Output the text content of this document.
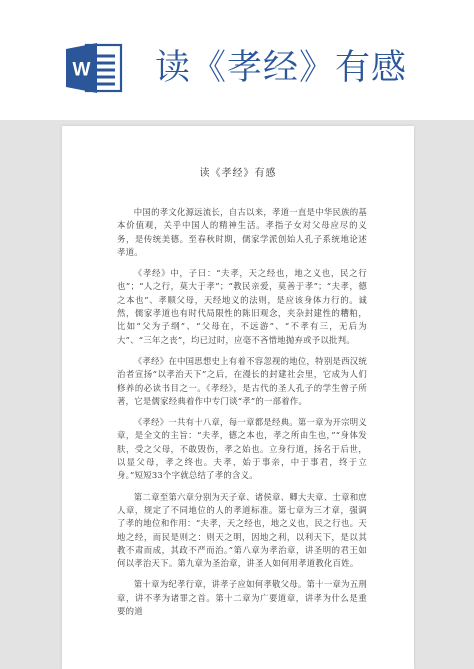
W 读《孝经》有感
读《孝经》有感

中国的孝文化源远流长，自古以来，孝道一直是中华民族的基本价值观，关乎中国人的精神生活。孝指子女对父母应尽的义务，是传统美德。至春秋时期，儒家学派创始人孔子系统地论述孝道。

《孝经》中，子曰：“夫孝，天之经也，地之义也，民之行也”；“人之行，莫大于孝”；“教民亲爱，莫善于孝”；“夫孝，德之本也”、孝顺父母，天经地义的法则，是应该身体力行的。诚然，儒家孝道也有时代局限性的陈旧观念，夹杂封建性的糟粕，比如“父为子纲”、“父母在，不远游”、“不孝有三，无后为大”、“三年之丧”，均已过时，应毫不吝惜地抛弃或予以批判。

《孝经》在中国思想史上有着不容忽视的地位，特别是西汉统治者宣扬“以孝治天下”之后，在漫长的封建社会里，它成为人们修养的必读书目之一。《孝经》，是古代的圣人孔子的学生曾子所著，它是儒家经典着作中专门谈“孝”的一部着作。

《孝经》一共有十八章，每一章都是经典。第一章为开宗明义章，是全文的主旨：“夫孝，德之本也，孝之所由生也，”“身体发肤，受之父母，不敢毁伤，孝之始也。立身行道，扬名于后世，以显父母，孝之终也。夫孝，始于事亲，中于事君，终于立身。”短短33个字就总结了孝的含义。

第二章至第六章分别为天子章、诸侯章、卿大夫章、士章和庶人章，规定了不同地位的人的孝道标准。第七章为三才章，强调了孝的地位和作用：“夫孝，天之经也，地之义也，民之行也。天地之经，而民是则之：则天之明，因地之利，以利天下，是以其教不肃而成，其政不严而治。”第八章为孝治章，讲圣明的君王如何以孝治天下。第九章为圣治章，讲圣人如何用孝道教化百姓。

第十章为纪孝行章，讲孝子应如何孝敬父母。第十一章为五刑章，讲不孝为诸罪之首。第十二章为广要道章，讲孝为什么是重要的道
